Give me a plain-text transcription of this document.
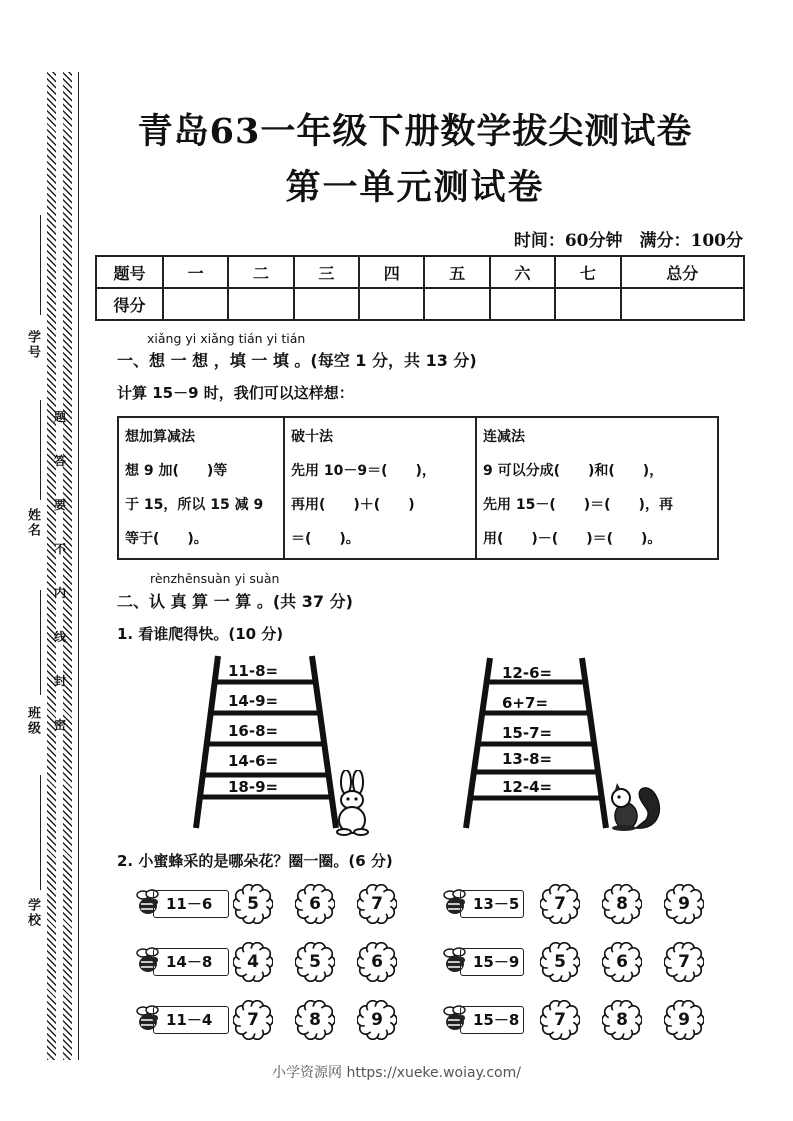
学号
姓名
班级
学校
题
答
要
不
内
线
封
密
青岛63一年级下册数学拔尖测试卷
第一单元测试卷
时间：60分钟　满分：100分
题号	一	二	三	四	五	六	七	总分
得分								
xiǎng yi xiǎng tián yi tián
一、想 一 想 ，填 一 填 。(每空 1 分，共 13 分)
计算 15－9 时，我们可以这样想：
想加算减法
想 9 加(　　)等
于 15，所以 15 减 9
等于(　　)。

破十法
先用 10－9＝(　　)，
再用(　　)＋(　　)
＝(　　)。

连减法
9 可以分成(　　)和(　　)，
先用 15－(　　)＝(　　)，再
用(　　)－(　　)＝(　　)。
rènzhēnsuàn yi suàn
二、认 真 算 一 算 。(共 37 分)
1. 看谁爬得快。(10 分)
11-8=
14-9=
16-8=
14-6=
18-9=
12-6=
6+7=
15-7=
13-8=
12-4=
2. 小蜜蜂采的是哪朵花？圈一圈。(6 分)
11－6	5	6	7	13－5	7	8	9
14－8	4	5	6	15－9	5	6	7
11－4	7	8	9	15－8	7	8	9
小学资源网 https://xueke.woiay.com/
